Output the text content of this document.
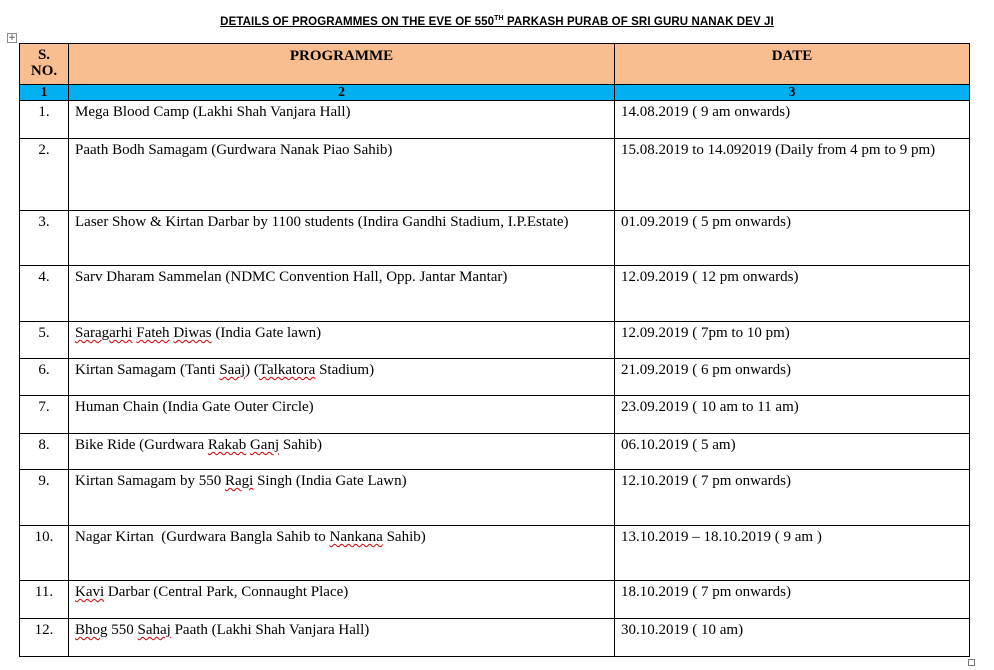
DETAILS OF PROGRAMMES ON THE EVE OF 550TH PARKASH PURAB OF SRI GURU NANAK DEV JI
+
S.
NO.	PROGRAMME	DATE
1	2	3
1.	Mega Blood Camp (Lakhi Shah Vanjara Hall)	14.08.2019 ( 9 am onwards)
2.	Paath Bodh Samagam (Gurdwara Nanak Piao Sahib)	15.08.2019 to 14.092019 (Daily from 4 pm to 9 pm)
3.	Laser Show & Kirtan Darbar by 1100 students (Indira Gandhi Stadium, I.P.Estate)	01.09.2019 ( 5 pm onwards)
4.	Sarv Dharam Sammelan (NDMC Convention Hall, Opp. Jantar Mantar)	12.09.2019 ( 12 pm onwards)
5.	Saragarhi Fateh Diwas (India Gate lawn)	12.09.2019 ( 7pm to 10 pm)
6.	Kirtan Samagam (Tanti Saaj) (Talkatora Stadium)	21.09.2019 ( 6 pm onwards)
7.	Human Chain (India Gate Outer Circle)	23.09.2019 ( 10 am to 11 am)
8.	Bike Ride (Gurdwara Rakab Ganj Sahib)	06.10.2019 ( 5 am)
9.	Kirtan Samagam by 550 Ragi Singh (India Gate Lawn)	12.10.2019 ( 7 pm onwards)
10.	Nagar Kirtan  (Gurdwara Bangla Sahib to Nankana Sahib)	13.10.2019 – 18.10.2019 ( 9 am )
11.	Kavi Darbar (Central Park, Connaught Place)	18.10.2019 ( 7 pm onwards)
12.	Bhog 550 Sahaj Paath (Lakhi Shah Vanjara Hall)	30.10.2019 ( 10 am)
